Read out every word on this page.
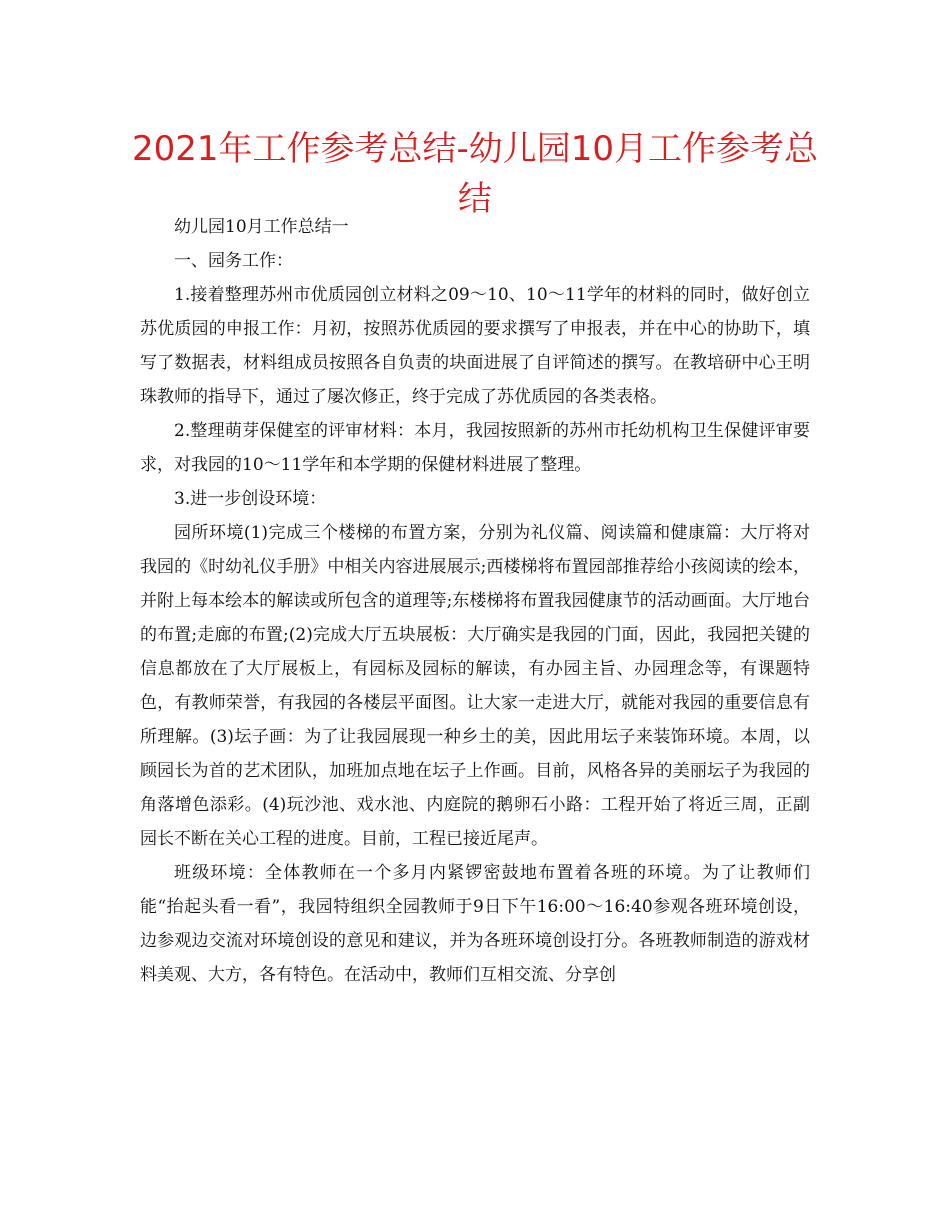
2021年工作参考总结-幼儿园10月工作参考总结

幼儿园10月工作总结一

一、园务工作：

1.接着整理苏州市优质园创立材料之09～10、10～11学年的材料的同时，做好创立苏优质园的申报工作：月初，按照苏优质园的要求撰写了申报表，并在中心的协助下，填写了数据表，材料组成员按照各自负责的块面进展了自评简述的撰写。在教培研中心王明珠教师的指导下，通过了屡次修正，终于完成了苏优质园的各类表格。

2.整理萌芽保健室的评审材料：本月，我园按照新的苏州市托幼机构卫生保健评审要求，对我园的10～11学年和本学期的保健材料进展了整理。

3.进一步创设环境：

园所环境(1)完成三个楼梯的布置方案，分别为礼仪篇、阅读篇和健康篇：大厅将对我园的《时幼礼仪手册》中相关内容进展展示;西楼梯将布置园部推荐给小孩阅读的绘本，并附上每本绘本的解读或所包含的道理等;东楼梯将布置我园健康节的活动画面。大厅地台的布置;走廊的布置;(2)完成大厅五块展板：大厅确实是我园的门面，因此，我园把关键的信息都放在了大厅展板上，有园标及园标的解读，有办园主旨、办园理念等，有课题特色，有教师荣誉，有我园的各楼层平面图。让大家一走进大厅，就能对我园的重要信息有所理解。(3)坛子画：为了让我园展现一种乡土的美，因此用坛子来装饰环境。本周，以顾园长为首的艺术团队，加班加点地在坛子上作画。目前，风格各异的美丽坛子为我园的角落增色添彩。(4)玩沙池、戏水池、内庭院的鹅卵石小路：工程开始了将近三周，正副园长不断在关心工程的进度。目前，工程已接近尾声。

班级环境：全体教师在一个多月内紧锣密鼓地布置着各班的环境。为了让教师们能“抬起头看一看”，我园特组织全园教师于9日下午16:00～16:40参观各班环境创设，边参观边交流对环境创设的意见和建议，并为各班环境创设打分。各班教师制造的游戏材料美观、大方，各有特色。在活动中，教师们互相交流、分享创
